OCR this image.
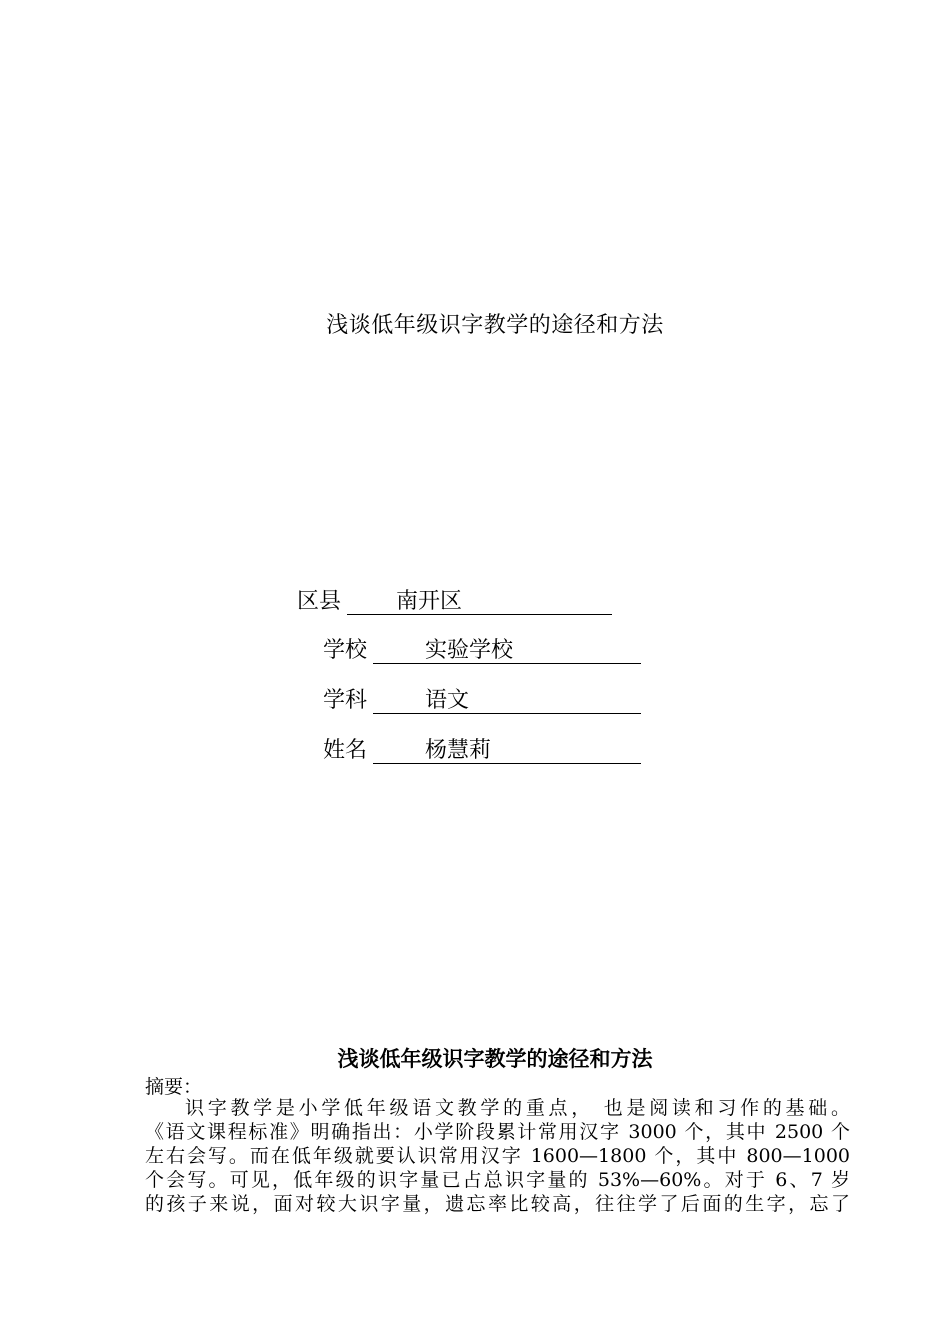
浅谈低年级识字教学的途径和方法
区县 南开区
学校	实验学校
学科	语文
姓名	杨慧莉
浅谈低年级识字教学的途径和方法
摘要：
识字教学是小学低年级语文教学的重点， 也是阅读和习作的基础。
《语文课程标准》明确指出：小学阶段累计常用汉字 3000 个，其中 2500 个
左右会写。而在低年级就要认识常用汉字 1600—1800 个，其中 800—1000
个会写。可见，低年级的识字量已占总识字量的 53%—60%。对于 6、7 岁
的孩子来说，面对较大识字量，遗忘率比较高，往往学了后面的生字，忘了
